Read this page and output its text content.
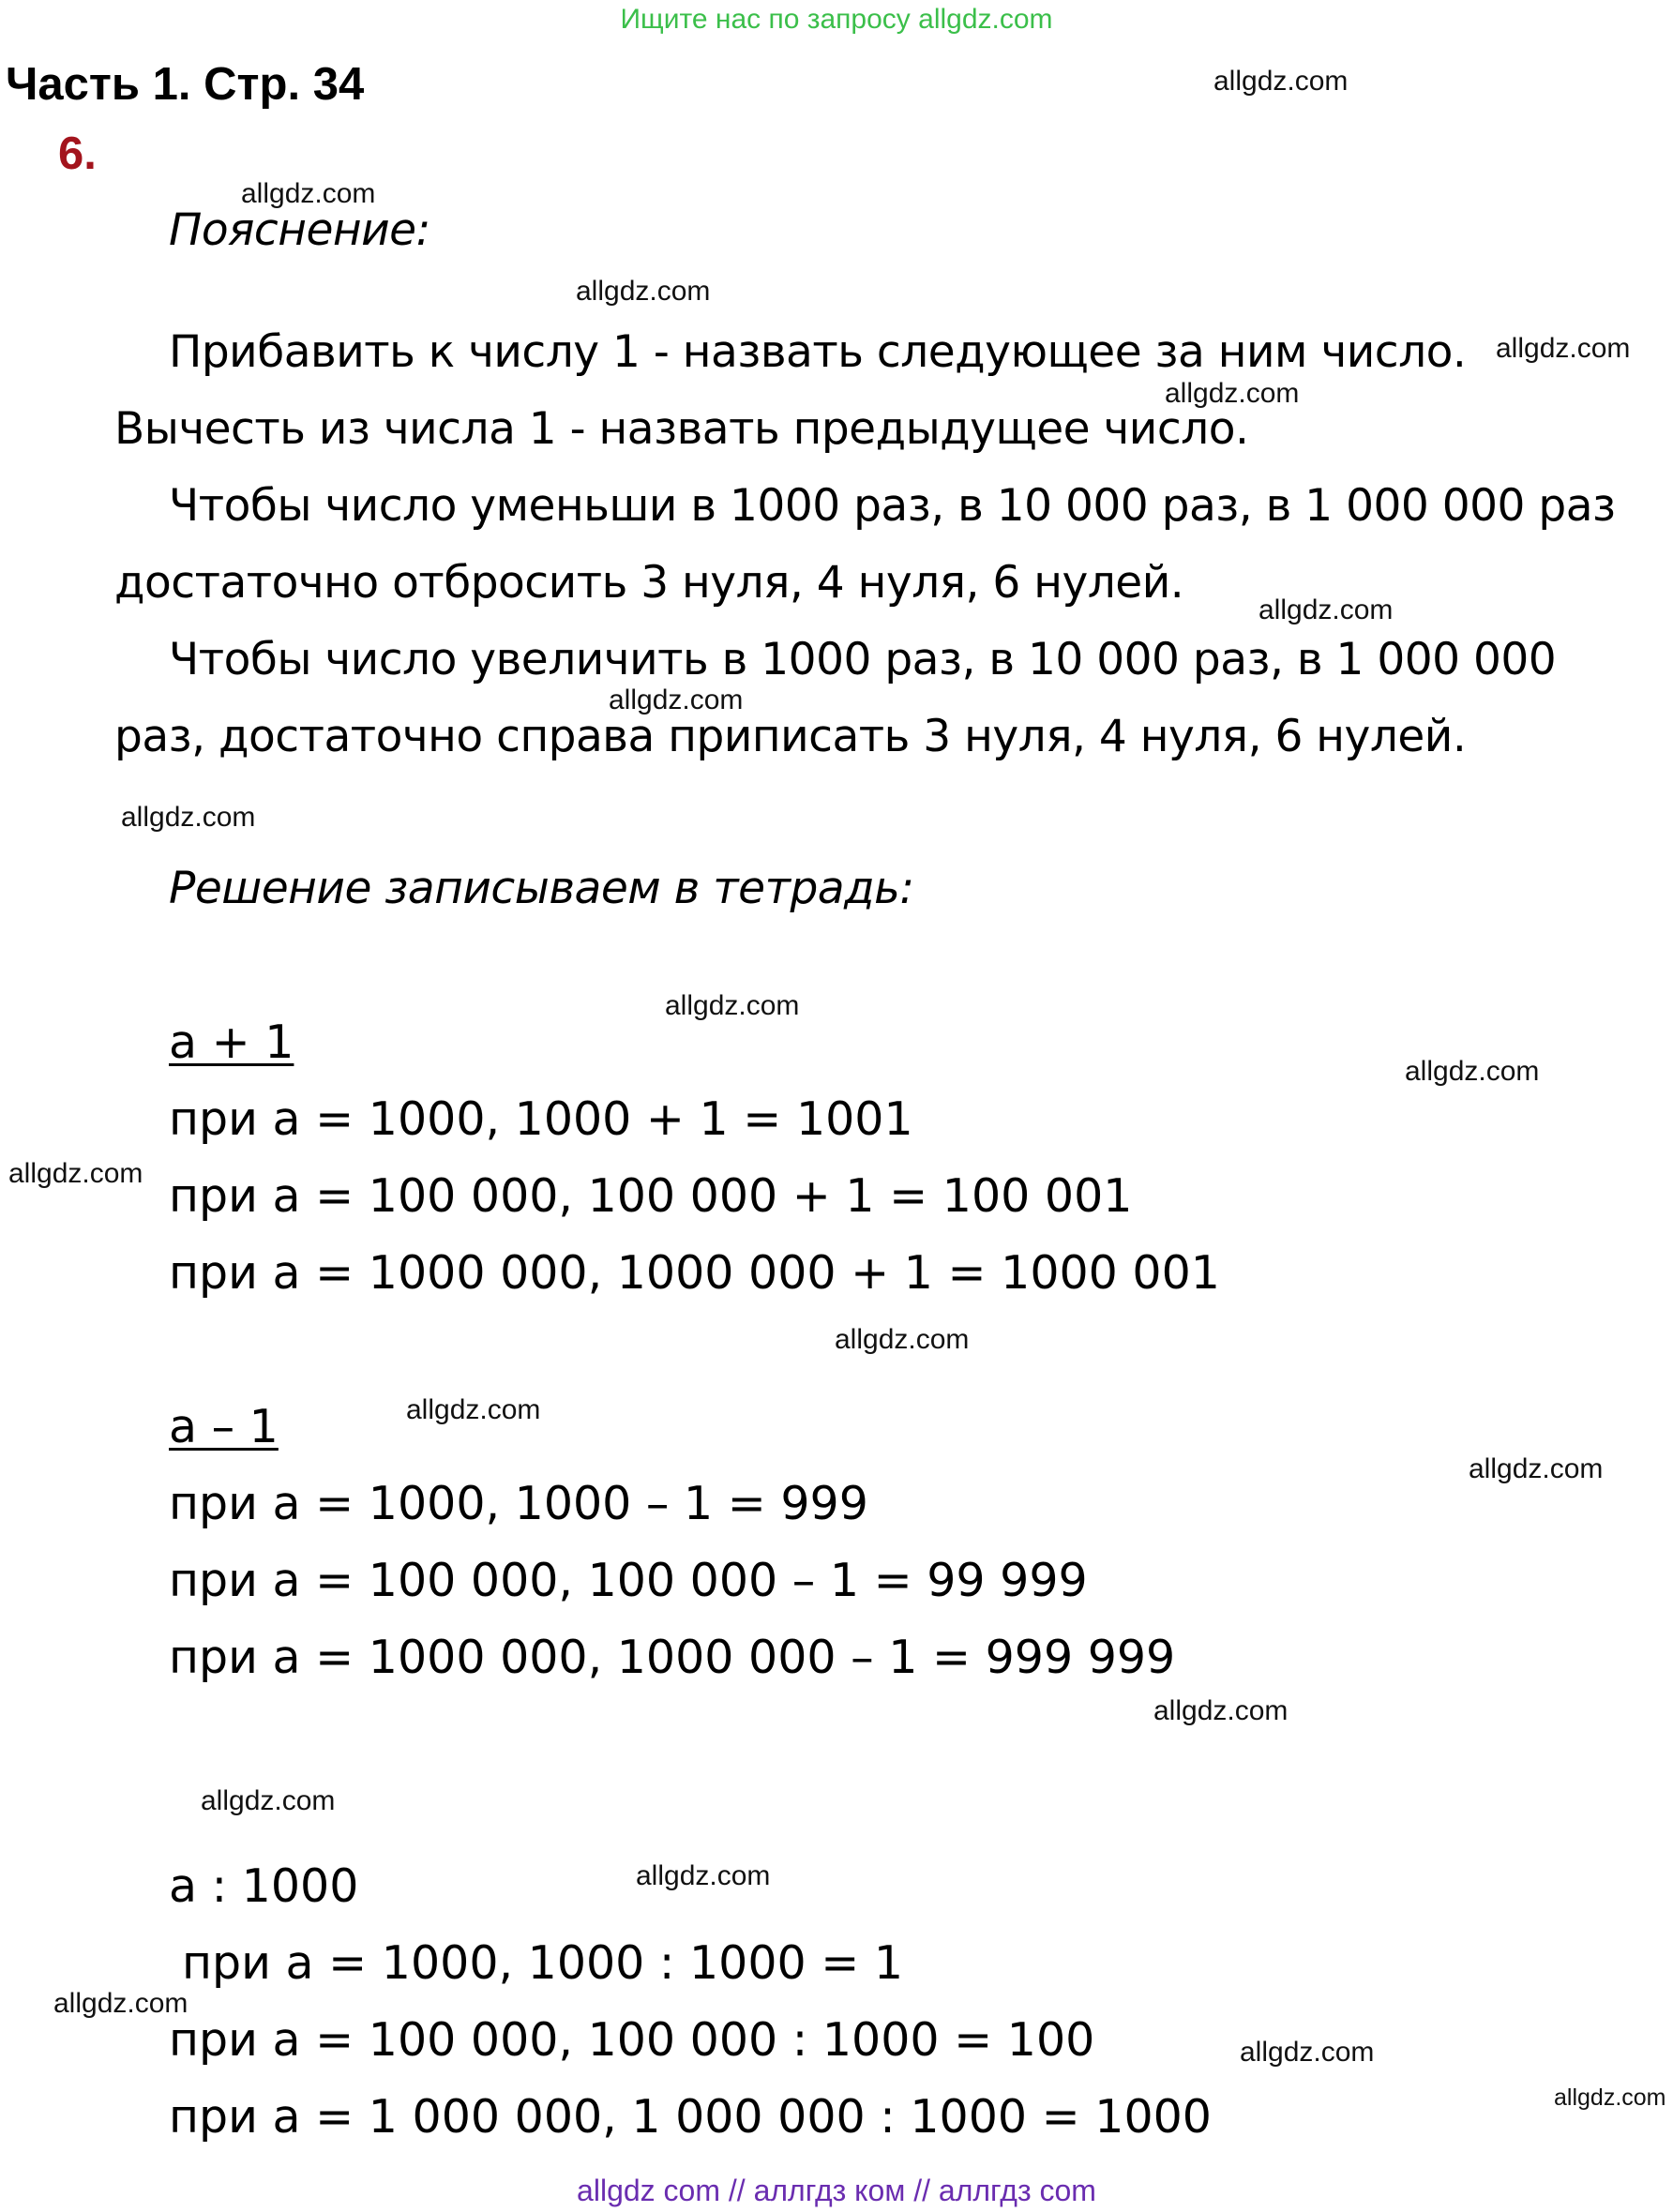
Ищите нас по запросу allgdz.com
Часть 1. Стр. 34
6.
Пояснение:
Прибавить к числу 1 - назвать следующее за ним число.
Вычесть из числа 1 - назвать предыдущее число.
Чтобы число уменьши в 1000 раз, в 10 000 раз, в 1 000 000 раз
достаточно отбросить 3 нуля, 4 нуля, 6 нулей.
Чтобы число увеличить в 1000 раз, в 10 000 раз, в 1 000 000
раз, достаточно справа приписать 3 нуля, 4 нуля, 6 нулей.
Решение записываем в тетрадь:
a + 1
при a = 1000, 1000 + 1 = 1001
при a = 100 000, 100 000 + 1 = 100 001
при a = 1000 000, 1000 000 + 1 = 1000 001
a – 1
при a = 1000, 1000 – 1 = 999
при a = 100 000, 100 000 – 1 = 99 999
при a = 1000 000, 1000 000 – 1 = 999 999
a : 1000
при a = 1000, 1000 : 1000 = 1
при a = 100 000, 100 000 : 1000 = 100
при a = 1 000 000, 1 000 000 : 1000 = 1000
allgdz.com
allgdz.com
allgdz.com
allgdz.com
allgdz.com
allgdz.com
allgdz.com
allgdz.com
allgdz.com
allgdz.com
allgdz.com
allgdz.com
allgdz.com
allgdz.com
allgdz.com
allgdz.com
allgdz.com
allgdz.com
allgdz.com
allgdz.com
allgdz com // аллгдз ком // аллгдз com
